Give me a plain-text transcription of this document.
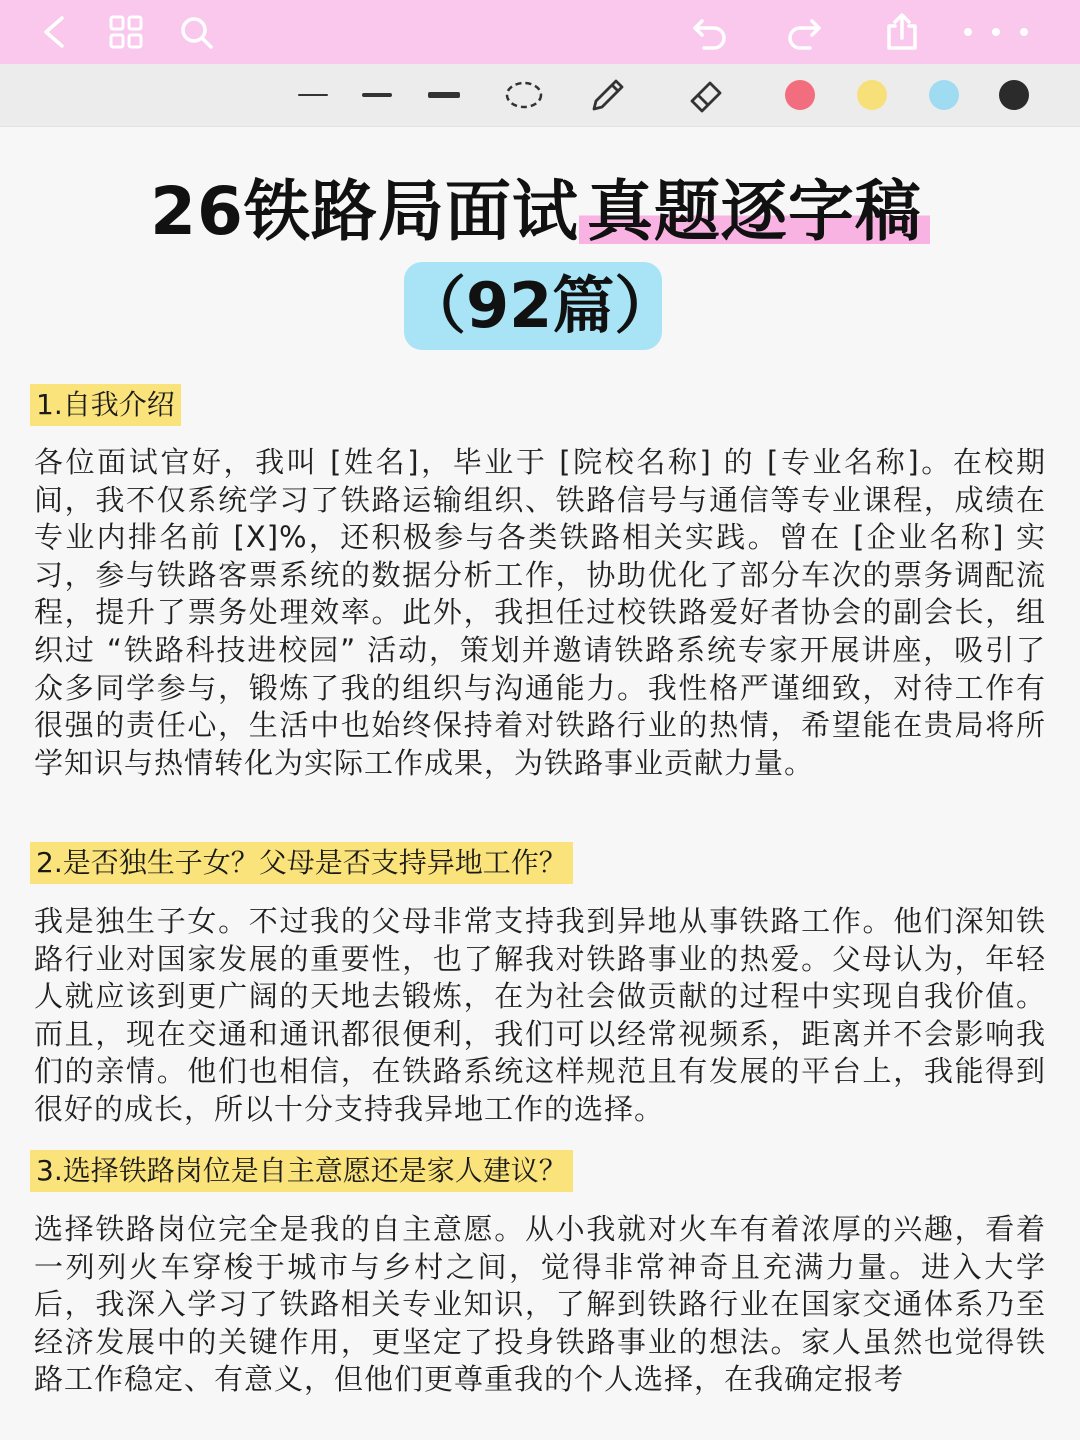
26铁路局面试 真题逐字稿
（92篇）
1.自我介绍
各位面试官好，我叫 [姓名]，毕业于 [院校名称] 的 [专业名称]。在校期间，我不仅系统学习了铁路运输组织、铁路信号与通信等专业课程，成绩在专业内排名前 [X]%，还积极参与各类铁路相关实践。曾在 [企业名称] 实习，参与铁路客票系统的数据分析工作，协助优化了部分车次的票务调配流程，提升了票务处理效率。此外，我担任过校铁路爱好者协会的副会长，组织过 “铁路科技进校园” 活动，策划并邀请铁路系统专家开展讲座，吸引了众多同学参与，锻炼了我的组织与沟通能力。我性格严谨细致，对待工作有很强的责任心，生活中也始终保持着对铁路行业的热情，希望能在贵局将所学知识与热情转化为实际工作成果，为铁路事业贡献力量。
2.是否独生子女？父母是否支持异地工作？
我是独生子女。不过我的父母非常支持我到异地从事铁路工作。他们深知铁路行业对国家发展的重要性，也了解我对铁路事业的热爱。父母认为，年轻人就应该到更广阔的天地去锻炼，在为社会做贡献的过程中实现自我价值。而且，现在交通和通讯都很便利，我们可以经常视频系，距离并不会影响我们的亲情。他们也相信，在铁路系统这样规范且有发展的平台上，我能得到很好的成长，所以十分支持我异地工作的选择。
3.选择铁路岗位是自主意愿还是家人建议？
选择铁路岗位完全是我的自主意愿。从小我就对火车有着浓厚的兴趣，看着一列列火车穿梭于城市与乡村之间，觉得非常神奇且充满力量。进入大学后，我深入学习了铁路相关专业知识，了解到铁路行业在国家交通体系乃至经济发展中的关键作用，更坚定了投身铁路事业的想法。家人虽然也觉得铁路工作稳定、有意义，但他们更尊重我的个人选择，在我确定报考
